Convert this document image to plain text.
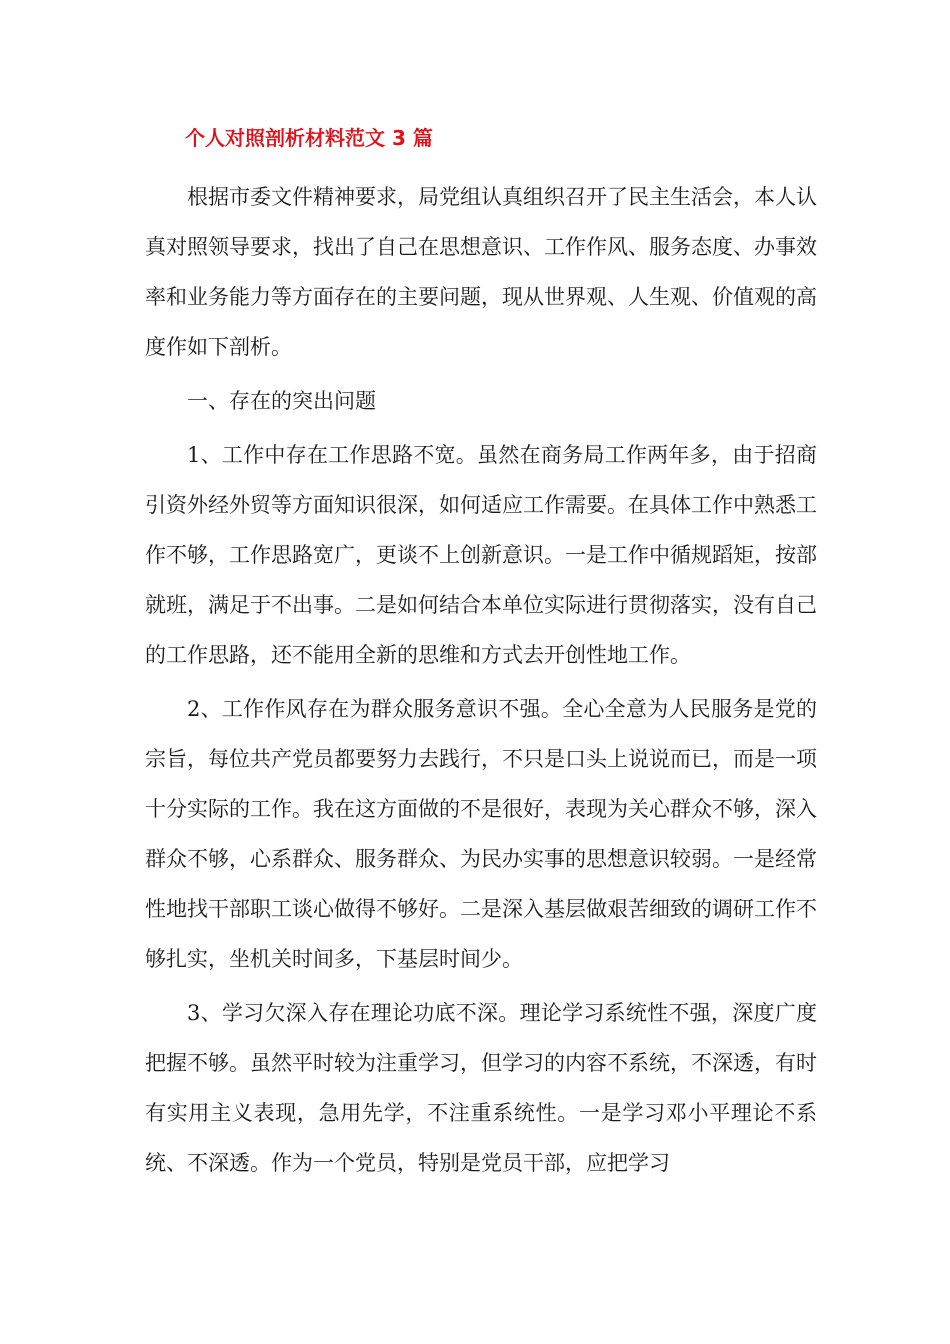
个人对照剖析材料范文 3 篇

根据市委文件精神要求，局党组认真组织召开了民主生活会，本人认真对照领导要求，找出了自己在思想意识、工作作风、服务态度、办事效率和业务能力等方面存在的主要问题，现从世界观、人生观、价值观的高度作如下剖析。

一、存在的突出问题

1、工作中存在工作思路不宽。虽然在商务局工作两年多，由于招商引资外经外贸等方面知识很深，如何适应工作需要。在具体工作中熟悉工作不够，工作思路宽广，更谈不上创新意识。一是工作中循规蹈矩，按部就班，满足于不出事。二是如何结合本单位实际进行贯彻落实，没有自己的工作思路，还不能用全新的思维和方式去开创性地工作。

2、工作作风存在为群众服务意识不强。全心全意为人民服务是党的宗旨，每位共产党员都要努力去践行，不只是口头上说说而已，而是一项十分实际的工作。我在这方面做的不是很好，表现为关心群众不够，深入群众不够，心系群众、服务群众、为民办实事的思想意识较弱。一是经常性地找干部职工谈心做得不够好。二是深入基层做艰苦细致的调研工作不够扎实，坐机关时间多，下基层时间少。

3、学习欠深入存在理论功底不深。理论学习系统性不强，深度广度把握不够。虽然平时较为注重学习，但学习的内容不系统，不深透，有时有实用主义表现，急用先学，不注重系统性。一是学习邓小平理论不系统、不深透。作为一个党员，特别是党员干部，应把学习
